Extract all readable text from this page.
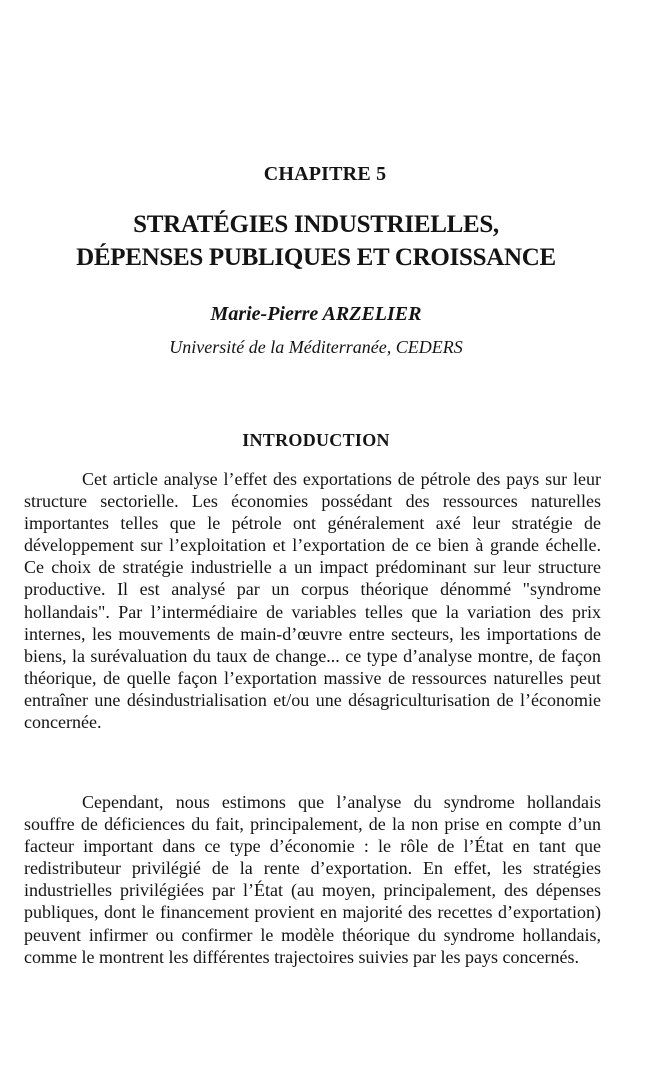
CHAPITRE 5
STRATÉGIES INDUSTRIELLES,
DÉPENSES PUBLIQUES ET CROISSANCE
Marie-Pierre ARZELIER
Université de la Méditerranée, CEDERS
INTRODUCTION

Cet article analyse l’effet des exportations de pétrole des pays sur leur structure sectorielle. Les économies possédant des ressources naturelles importantes telles que le pétrole ont généralement axé leur stratégie de développement sur l’exploitation et l’exportation de ce bien à grande échelle. Ce choix de stratégie industrielle a un impact prédominant sur leur structure productive. Il est analysé par un corpus théorique dénommé "syndrome hollandais". Par l’intermédiaire de variables telles que la variation des prix internes, les mouvements de main-d’œuvre entre secteurs, les importations de biens, la surévaluation du taux de change... ce type d’analyse montre, de façon théorique, de quelle façon l’exportation massive de ressources naturelles peut entraîner une désindustrialisation et/ou une désagriculturisation de l’économie concernée.

Cependant, nous estimons que l’analyse du syndrome hollandais souffre de déficiences du fait, principalement, de la non prise en compte d’un facteur important dans ce type d’économie : le rôle de l’État en tant que redistributeur privilégié de la rente d’exportation. En effet, les stratégies industrielles privilégiées par l’État (au moyen, principalement, des dépenses publiques, dont le financement provient en majorité des recettes d’exportation) peuvent infirmer ou confirmer le modèle théorique du syndrome hollandais, comme le montrent les différentes trajectoires suivies par les pays concernés.
